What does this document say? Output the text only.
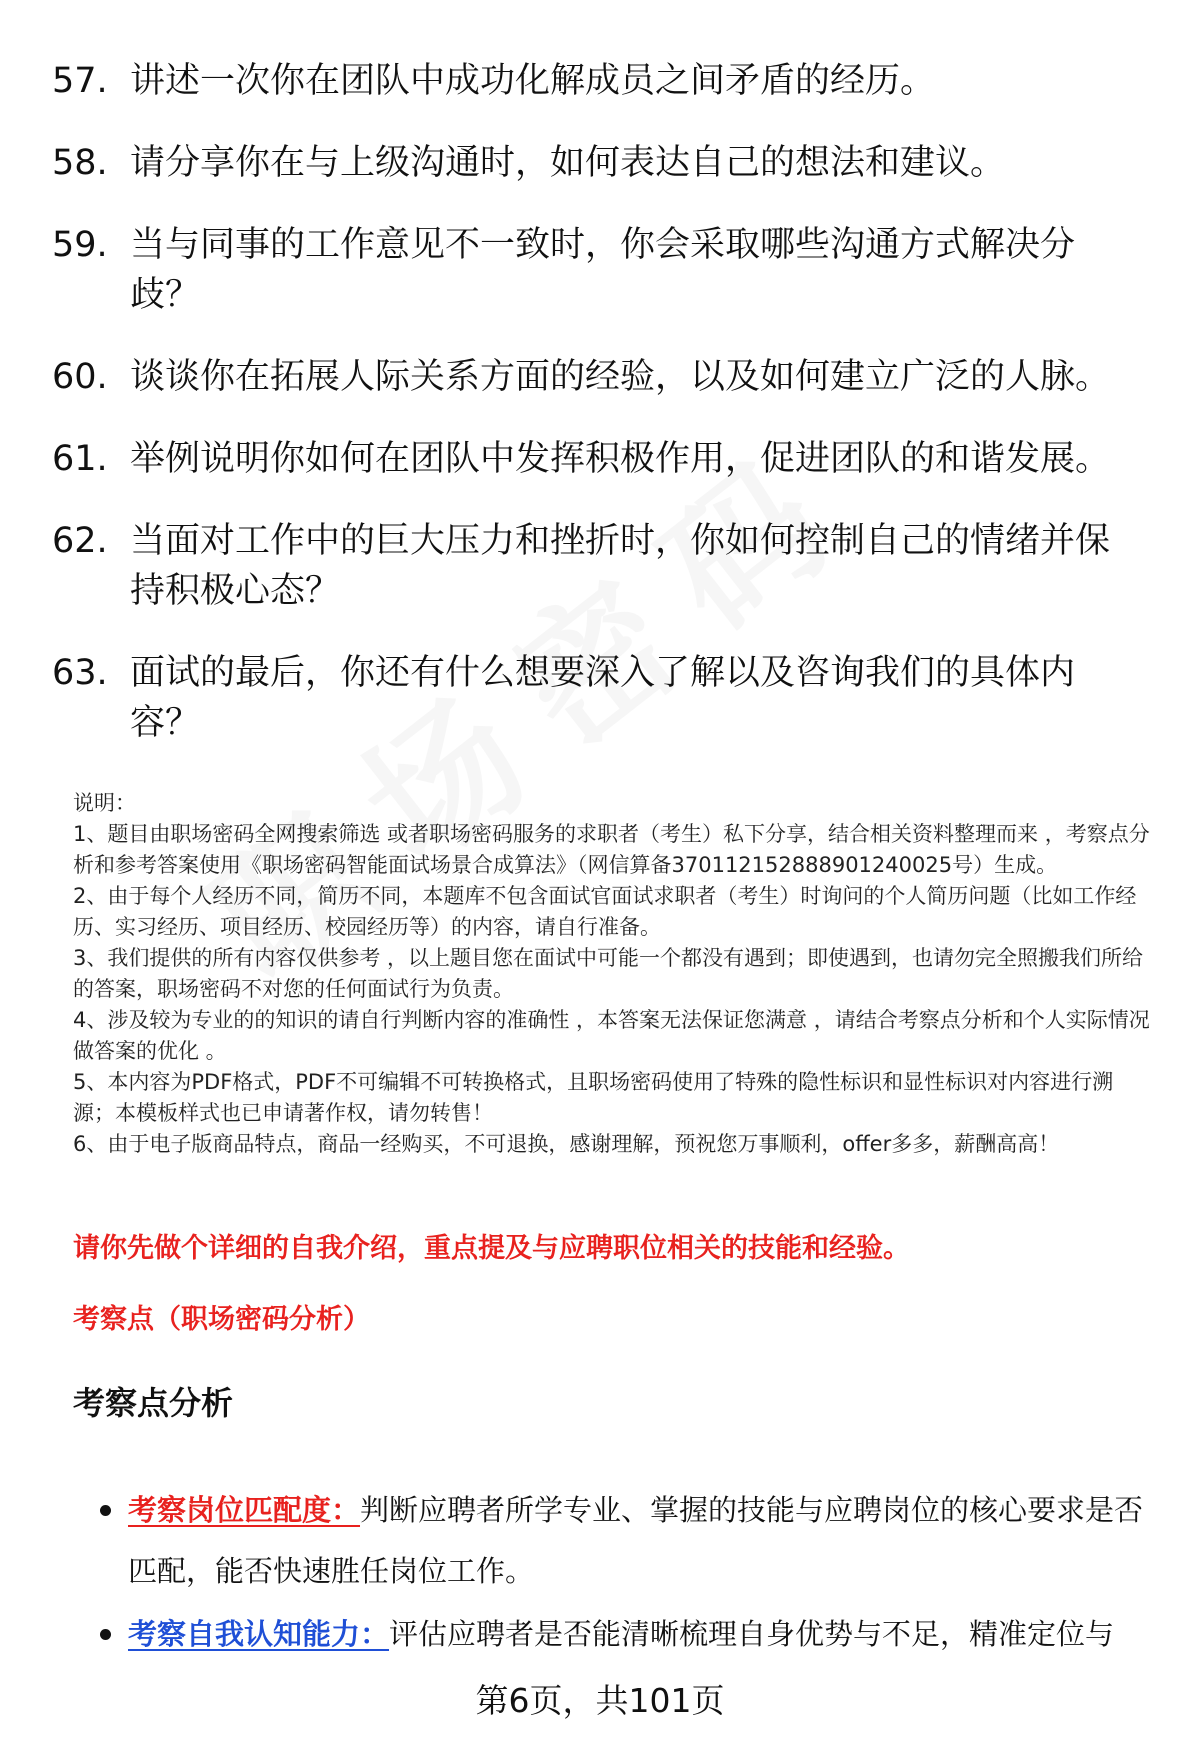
57. 讲述一次你在团队中成功化解成员之间矛盾的经历。
58. 请分享你在与上级沟通时，如何表达自己的想法和建议。
59. 当与同事的工作意见不一致时，你会采取哪些沟通方式解决分歧？
60. 谈谈你在拓展人际关系方面的经验，以及如何建立广泛的人脉。
61. 举例说明你如何在团队中发挥积极作用，促进团队的和谐发展。
62. 当面对工作中的巨大压力和挫折时，你如何控制自己的情绪并保持积极心态？
63. 面试的最后，你还有什么想要深入了解以及咨询我们的具体内容？

说明：

1、题目由职场密码全网搜索筛选 或者职场密码服务的求职者（考生）私下分享，结合相关资料整理而来 ，考察点分析和参考答案使用《职场密码智能面试场景合成算法》（网信算备370112152888901240025号）生成。

2、由于每个人经历不同，简历不同，本题库不包含面试官面试求职者（考生）时询问的个人简历问题（比如工作经历、实习经历、项目经历、校园经历等）的内容，请自行准备。

3、我们提供的所有内容仅供参考 ，以上题目您在面试中可能一个都没有遇到；即使遇到，也请勿完全照搬我们所给的答案，职场密码不对您的任何面试行为负责。

4、涉及较为专业的的知识的请自行判断内容的准确性 ，本答案无法保证您满意 ，请结合考察点分析和个人实际情况做答案的优化 。

5、本内容为PDF格式，PDF不可编辑不可转换格式，且职场密码使用了特殊的隐性标识和显性标识对内容进行溯源；本模板样式也已申请著作权，请勿转售！

6、由于电子版商品特点，商品一经购买，不可退换，感谢理解，预祝您万事顺利，offer多多，薪酬高高！

请你先做个详细的自我介绍，重点提及与应聘职位相关的技能和经验。
考察点（职场密码分析）
考察点分析
考察岗位匹配度：判断应聘者所学专业、掌握的技能与应聘岗位的核心要求是否匹配，能否快速胜任岗位工作。
考察自我认知能力：评估应聘者是否能清晰梳理自身优势与不足，精准定位与
第6页，共101页
